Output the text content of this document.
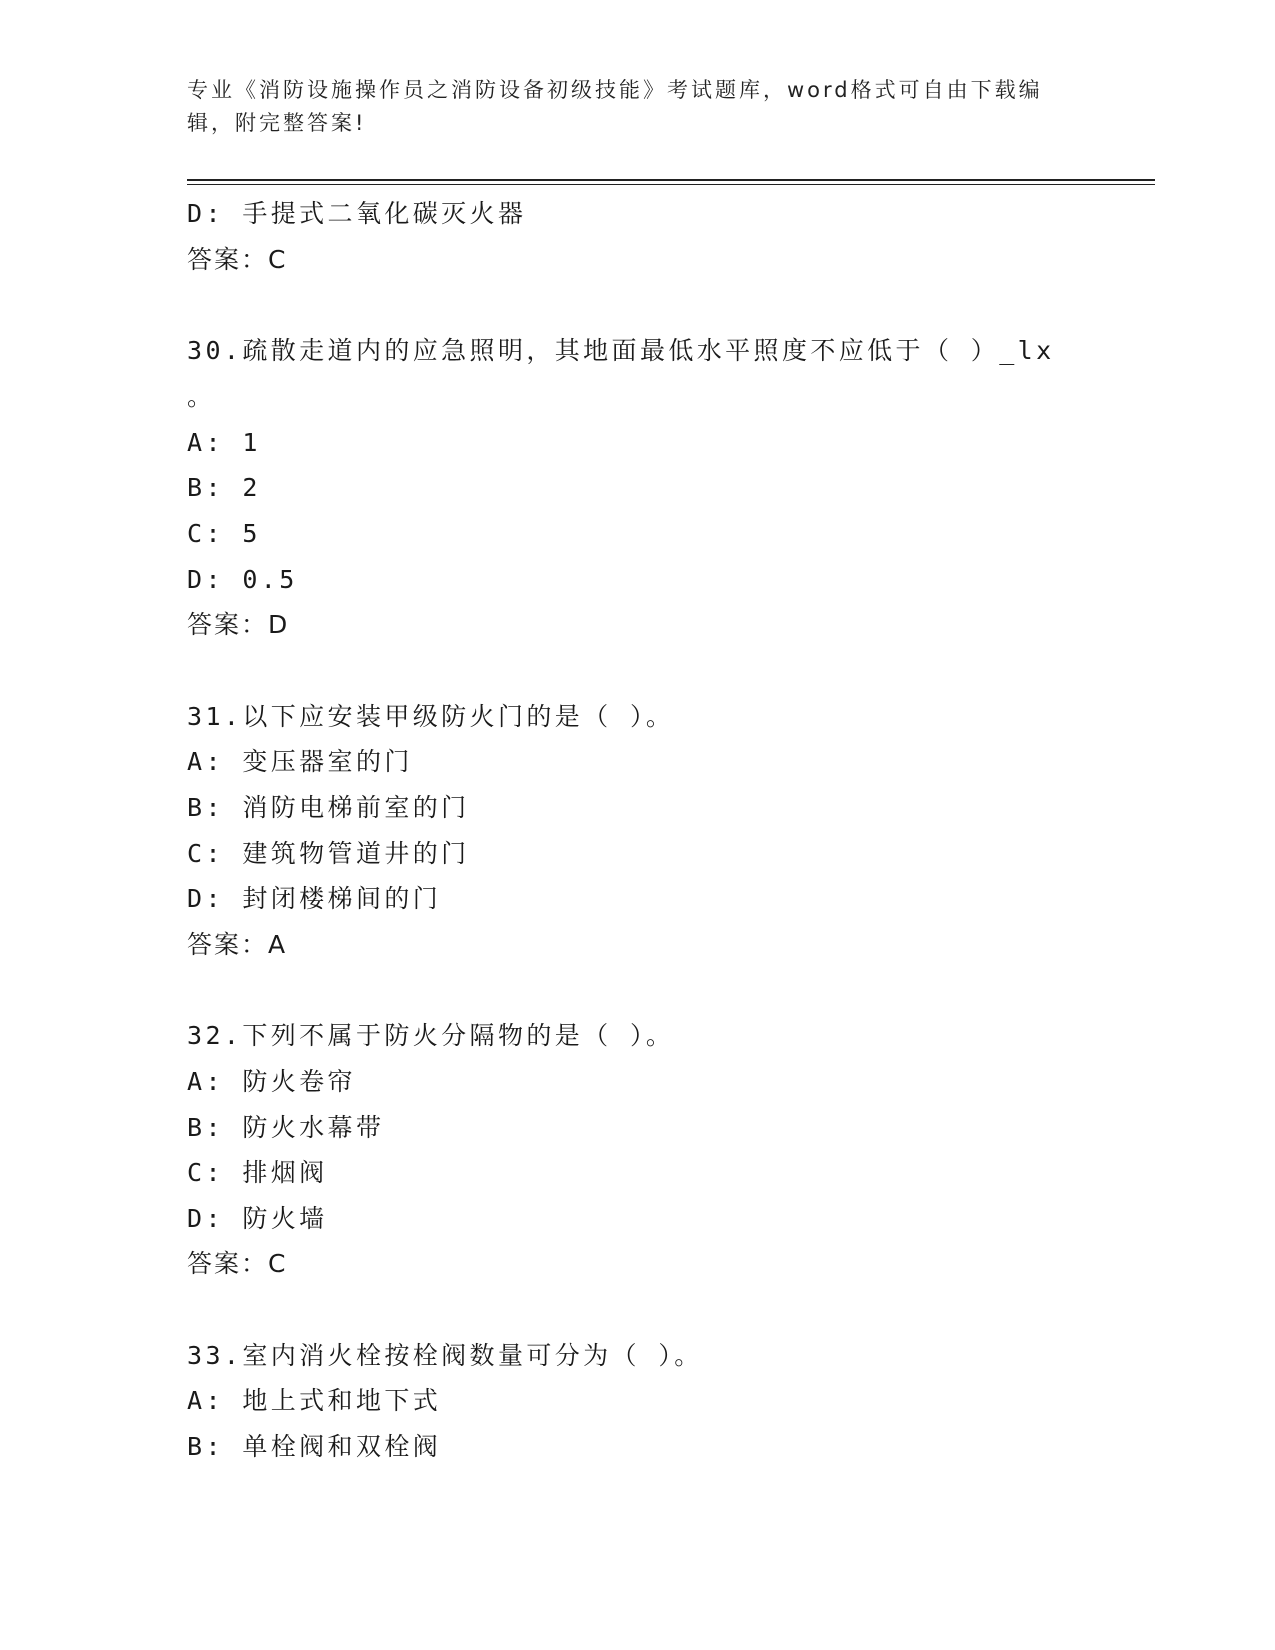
专业《消防设施操作员之消防设备初级技能》考试题库，word格式可自由下载编
辑，附完整答案!
D: 手提式二氧化碳灭火器
答案：C
30.疏散走道内的应急照明，其地面最低水平照度不应低于（ ）_lx
。
A: 1
B: 2
C: 5
D: 0.5
答案：D
31.以下应安装甲级防火门的是（ ）。
A: 变压器室的门
B: 消防电梯前室的门
C: 建筑物管道井的门
D: 封闭楼梯间的门
答案：A
32.下列不属于防火分隔物的是（ ）。
A: 防火卷帘
B: 防火水幕带
C: 排烟阀
D: 防火墙
答案：C
33.室内消火栓按栓阀数量可分为（ ）。
A: 地上式和地下式
B: 单栓阀和双栓阀
